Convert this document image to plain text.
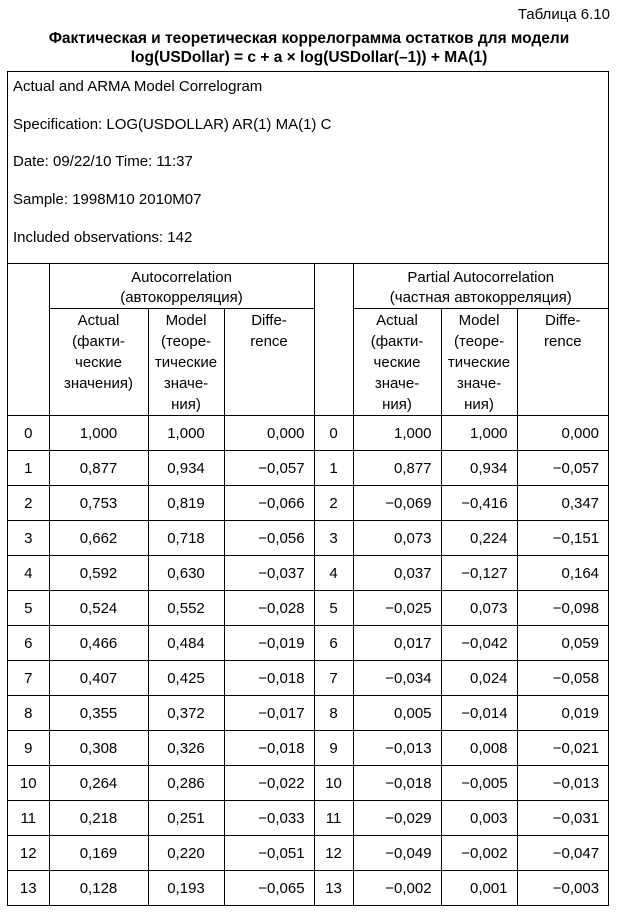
Таблица 6.10
Фактическая и теоретическая коррелограмма остатков для модели
log(USDollar) = c + a × log(USDollar(–1)) + MA(1)
Actual and ARMA Model Correlogram
Specification: LOG(USDOLLAR) AR(1) MA(1) C
Date: 09/22/10 Time: 11:37
Sample: 1998M10 2010M07
Included observations: 142
	Autocorrelation
(автокорреляция)				Partial Autocorrelation
(частная автокорреляция)		
	Actual
(факти-
ческие
значения)	Model
(теоре-
тические
значе-
ния)	Diffe-
rence		Actual
(факти-
ческие
значе-
ния)	Model
(теоре-
тические
значе-
ния)	Diffe-
rence
0	1,000	1,000	0,000	0	1,000	1,000	0,000
1	0,877	0,934	−0,057	1	0,877	0,934	−0,057
2	0,753	0,819	−0,066	2	−0,069	−0,416	0,347
3	0,662	0,718	−0,056	3	0,073	0,224	−0,151
4	0,592	0,630	−0,037	4	0,037	−0,127	0,164
5	0,524	0,552	−0,028	5	−0,025	0,073	−0,098
6	0,466	0,484	−0,019	6	0,017	−0,042	0,059
7	0,407	0,425	−0,018	7	−0,034	0,024	−0,058
8	0,355	0,372	−0,017	8	0,005	−0,014	0,019
9	0,308	0,326	−0,018	9	−0,013	0,008	−0,021
10	0,264	0,286	−0,022	10	−0,018	−0,005	−0,013
11	0,218	0,251	−0,033	11	−0,029	0,003	−0,031
12	0,169	0,220	−0,051	12	−0,049	−0,002	−0,047
13	0,128	0,193	−0,065	13	−0,002	0,001	−0,003
